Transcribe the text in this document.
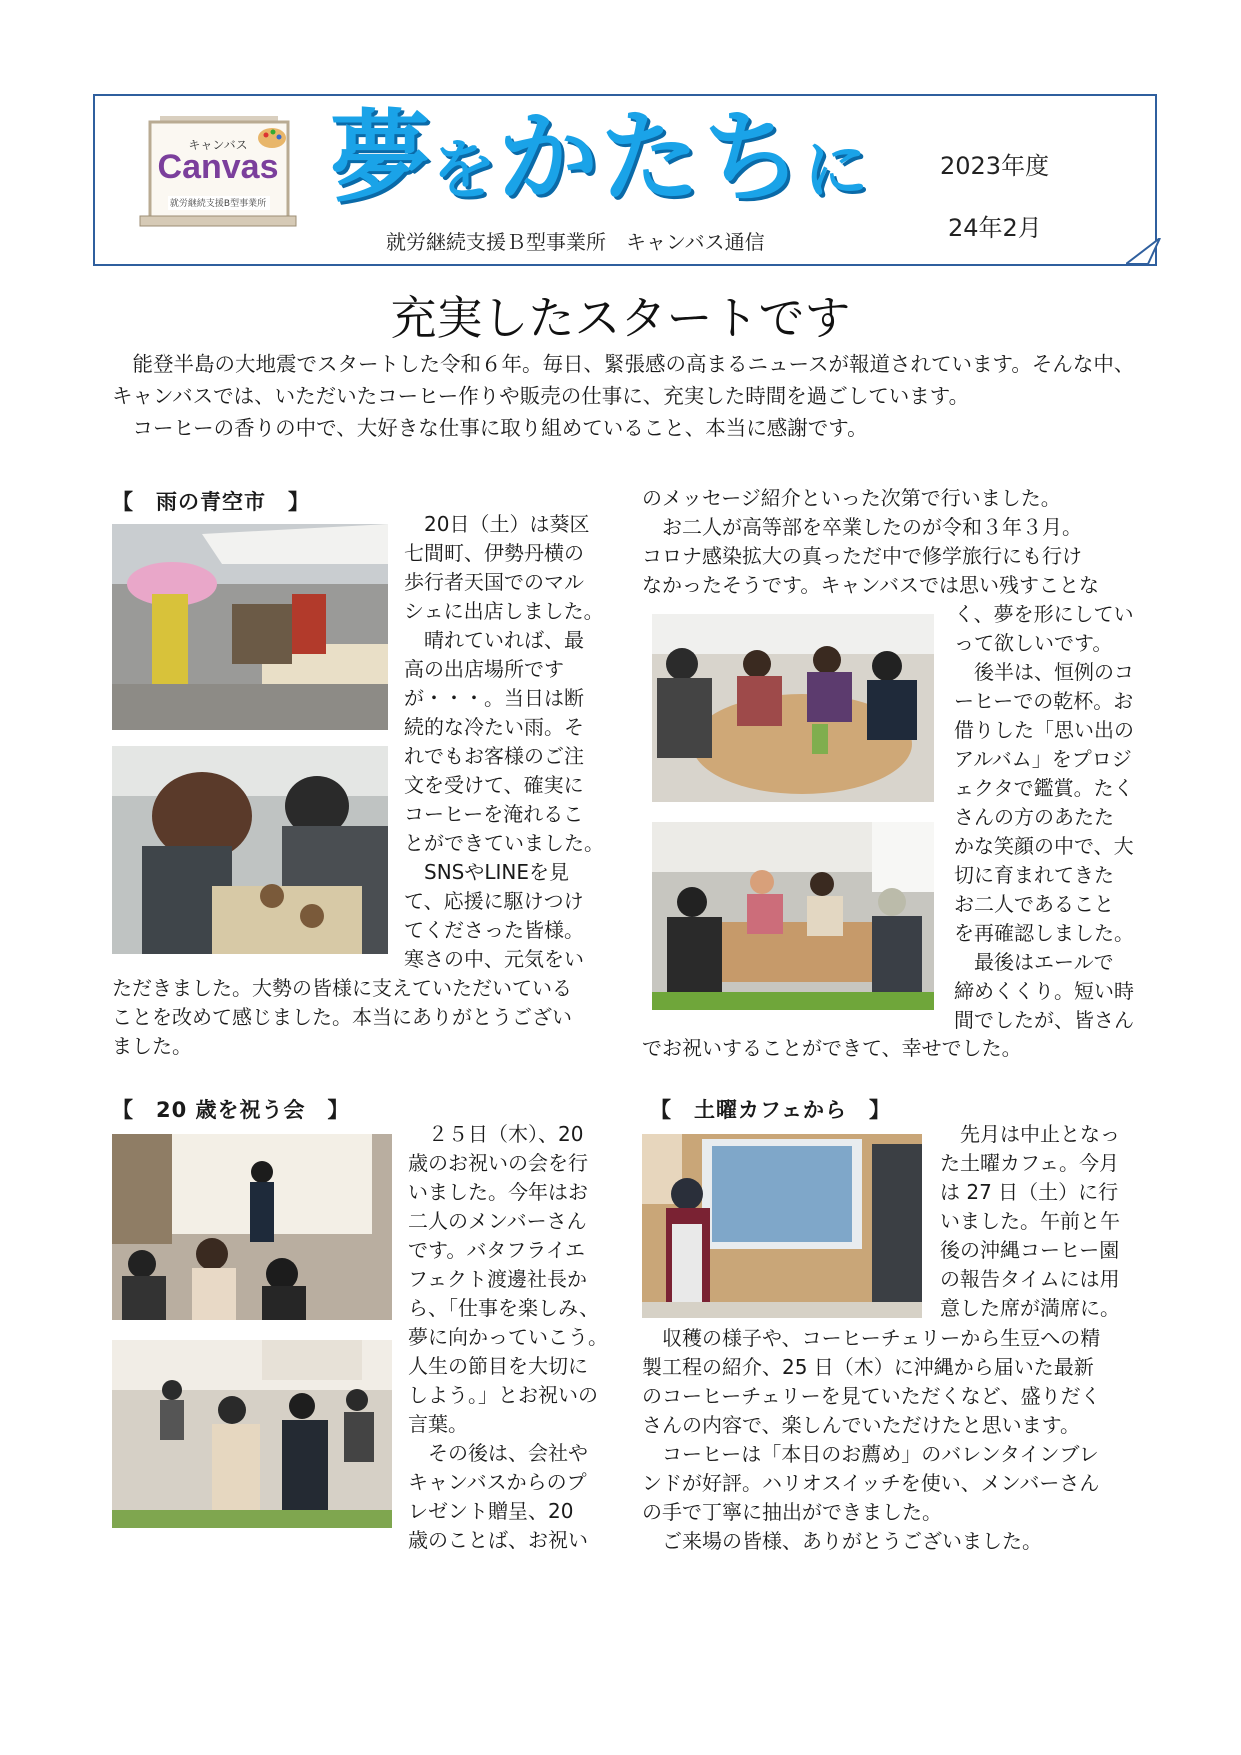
キャンバス
Canvas
就労継続支援B型事業所 夢をかたちに
就労継続支援Ｂ型事業所　キャンバス通信
2023年度
24年2月
充実したスタートです

能登半島の大地震でスタートした令和６年。毎日、緊張感の高まるニュースが報道されています。そんな中、キャンバスでは、いただいたコーヒー作りや販売の仕事に、充実した時間を過ごしています。

コーヒーの香りの中で、大好きな仕事に取り組めていること、本当に感謝です。

【　雨の青空市　】
20日（土）は葵区
七間町、伊勢丹横の
歩行者天国でのマル
シェに出店しました。
　晴れていれば、最
高の出店場所です
が・・・。当日は断
続的な冷たい雨。そ
れでもお客様のご注
文を受けて、確実に
コーヒーを淹れるこ
とができていました。
　SNSやLINEを見
て、応援に駆けつけ
てくださった皆様。
寒さの中、元気をい
ただきました。大勢の皆様に支えていただいている
ことを改めて感じました。本当にありがとうござい
ました。
のメッセージ紹介といった次第で行いました。
　お二人が高等部を卒業したのが令和３年３月。
コロナ感染拡大の真っただ中で修学旅行にも行け
なかったそうです。キャンバスでは思い残すことな
く、夢を形にしてい
って欲しいです。
　後半は、恒例のコ
ーヒーでの乾杯。お
借りした「思い出の
アルバム」をプロジ
ェクタで鑑賞。たく
さんの方のあたた
かな笑顔の中で、大
切に育まれてきた
お二人であること
を再確認しました。
　最後はエールで
締めくくり。短い時
間でしたが、皆さん
でお祝いすることができて、幸せでした。
【　20 歳を祝う会　】
２５日（木）、20
歳のお祝いの会を行
いました。今年はお
二人のメンバーさん
です。バタフライエ
フェクト渡邊社長か
ら、「仕事を楽しみ、
夢に向かっていこう。
人生の節目を大切に
しよう。」とお祝いの
言葉。
　その後は、会社や
キャンバスからのプ
レゼント贈呈、20
歳のことば、お祝い
【　土曜カフェから　】
先月は中止となっ
た土曜カフェ。今月
は 27 日（土）に行
いました。午前と午
後の沖縄コーヒー園
の報告タイムには用
意した席が満席に。
　収穫の様子や、コーヒーチェリーから生豆への精
製工程の紹介、25 日（木）に沖縄から届いた最新
のコーヒーチェリーを見ていただくなど、盛りだく
さんの内容で、楽しんでいただけたと思います。
　コーヒーは「本日のお薦め」のバレンタインブレ
ンドが好評。ハリオスイッチを使い、メンバーさん
の手で丁寧に抽出ができました。
　ご来場の皆様、ありがとうございました。
